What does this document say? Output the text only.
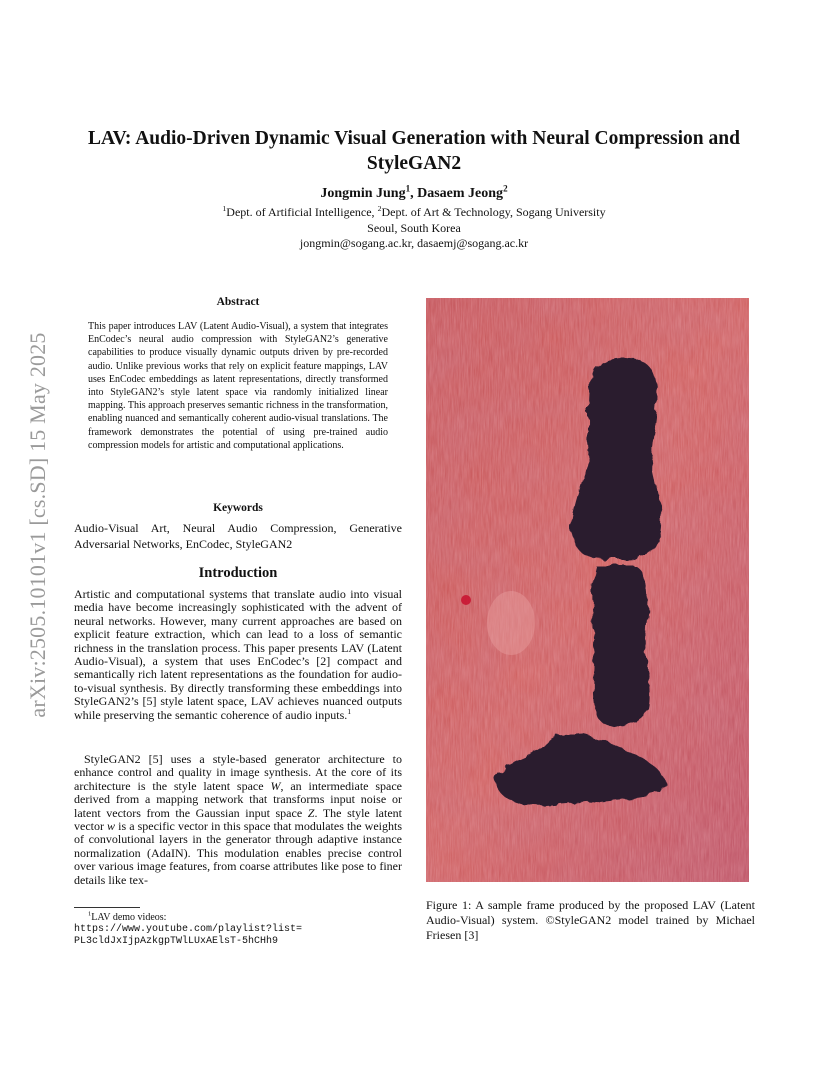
LAV: Audio-Driven Dynamic Visual Generation with Neural Compression and StyleGAN2
Jongmin Jung$^1$, Dasaem Jeong$^2$
$^1$Dept. of Artificial Intelligence, $^2$Dept. of Art & Technology, Sogang University
Seoul, South Korea
jongmin@sogang.ac.kr, dasaemj@sogang.ac.kr
arXiv:2505.10101v1 [cs.SD] 15 May 2025
Abstract
This paper introduces LAV (Latent Audio-Visual), a system that integrates EnCodec’s neural audio compression with StyleGAN2’s generative capabilities to produce visually dynamic outputs driven by pre-recorded audio. Unlike previous works that rely on explicit feature mappings, LAV uses EnCodec embeddings as latent representations, directly transformed into StyleGAN2’s style latent space via randomly initialized linear mapping. This approach preserves semantic richness in the transformation, enabling nuanced and semantically coherent audio-visual translations. The framework demonstrates the potential of using pre-trained audio compression models for artistic and computational applications.
Keywords
Audio-Visual Art, Neural Audio Compression, Generative Adversarial Networks, EnCodec, StyleGAN2
Introduction
Artistic and computational systems that translate audio into visual media have become increasingly sophisticated with the advent of neural networks. However, many current approaches are based on explicit feature extraction, which can lead to a loss of semantic richness in the translation process. This paper presents LAV (Latent Audio-Visual), a system that uses EnCodec’s [2] compact and semantically rich latent representations as the foundation for audio-to-visual synthesis. By directly transforming these embeddings into StyleGAN2’s [5] style latent space, LAV achieves nuanced outputs while preserving the semantic coherence of audio inputs.$^1$
StyleGAN2 [5] uses a style-based generator architecture to enhance control and quality in image synthesis. At the core of its architecture is the style latent space W, an intermediate space derived from a mapping network that transforms input noise or latent vectors from the Gaussian input space Z. The style latent vector w is a specific vector in this space that modulates the weights of convolutional layers in the generator through adaptive instance normalization (AdaIN). This modulation enables precise control over various image features, from coarse attributes like pose to finer details like tex-
$^1$LAV demo videos:
https://www.youtube.com/playlist?list=
PL3cldJxIjpAzkgpTWlLUxAElsT-5hCHh9
Figure 1: A sample frame produced by the proposed LAV (Latent Audio-Visual) system. ©StyleGAN2 model trained by Michael Friesen [3]
